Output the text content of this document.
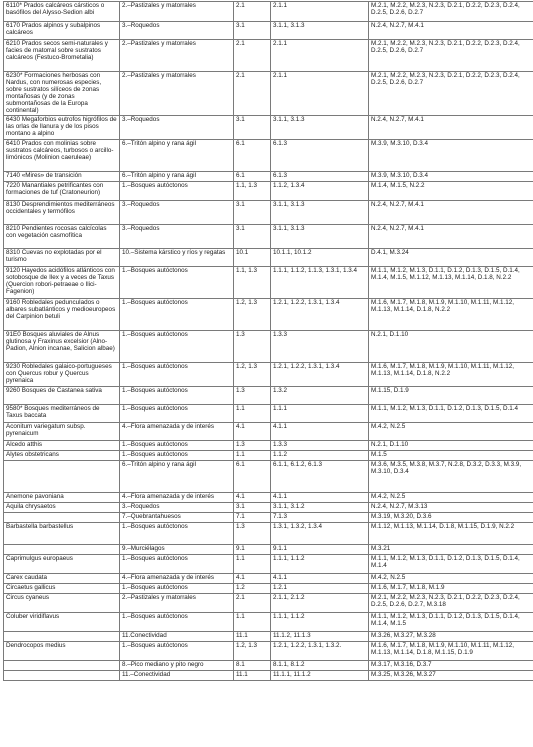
6110* Prados calcáreos cársticos o basófilos del Alysso-Sedion albi	2.–Pastizales y matorrales	2.1	2.1.1	M.2.1, M.2.2, M.2.3, N.2.3, D.2.1, D.2.2, D.2.3, D.2.4, D.2.5, D.2.6, D.2.7
6170 Prados alpinos y subalpinos calcáreos	3.–Roquedos	3.1	3.1.1, 3.1.3	N.2.4, N.2.7, M.4.1
6210 Prados secos semi-naturales y facies de matorral sobre sustratos calcáreos (Festuco-Brometalia)	2.–Pastizales y matorrales	2.1	2.1.1	M.2.1, M.2.2, M.2.3, N.2.3, D.2.1, D.2.2, D.2.3, D.2.4, D.2.5, D.2.6, D.2.7
6230* Formaciones herbosas con Nardus, con numerosas especies, sobre sustratos silíceos de zonas montañosas (y de zonas submontañosas de la Europa continental)	2.–Pastizales y matorrales	2.1	2.1.1	M.2.1, M.2.2, M.2.3, N.2.3, D.2.1, D.2.2, D.2.3, D.2.4, D.2.5, D.2.6, D.2.7
6430 Megaforbios eutrofos higrófilos de las orlas de llanura y de los pisos montano a alpino	3.–Roquedos	3.1	3.1.1, 3.1.3	N.2.4, N.2.7, M.4.1
6410 Prados con molinias sobre sustratos calcáreos, turbosos o arcillo-limónicos (Molinion caeruleae)	6.–Tritón alpino y rana ágil	6.1	6.1.3	M.3.9, M.3.10, D.3.4
7140 «Mires» de transición	6.–Tritón alpino y rana ágil	6.1	6.1.3	M.3.9, M.3.10, D.3.4
7220 Manantiales petrificantes con formaciones de tuf (Cratoneurion)	1.–Bosques autóctonos	1.1, 1.3	1.1.2, 1.3.4	M.1.4, M.1.5, N.2.2
8130 Desprendimientos mediterráneos occidentales y termófilos	3.–Roquedos	3.1	3.1.1, 3.1.3	N.2.4, N.2.7, M.4.1
8210 Pendientes rocosas calcícolas con vegetación casmofítica	3.–Roquedos	3.1	3.1.1, 3.1.3	N.2.4, N.2.7, M.4.1
8310 Cuevas no explotadas por el turismo	10.–Sistema kárstico y ríos y regatas	10.1	10.1.1, 10.1.2	D.4.1, M.3.24
9120 Hayedos acidófilos atlánticos con sotobosque de Ilex y a veces de Taxus (Quercion robori-petraeae o Ilici-Fagenion)	1.–Bosques autóctonos	1.1, 1.3	1.1.1, 1.1.2, 1.1.3, 1.3.1, 1.3.4	M.1.1, M.1.2, M.1.3, D.1.1, D.1.2, D.1.3, D.1.5, D.1.4, M.1.4, M.1.5, M.1.12, M.1.13, M.1.14, D.1.8, N.2.2
9160 Robledales pedunculados o albares subatlánticos y medioeuropeos del Carpinion betuli	1.–Bosques autóctonos	1.2, 1.3	1.2.1, 1.2.2, 1.3.1, 1.3.4	M.1.6, M.1.7, M.1.8, M.1.9, M.1.10, M.1.11, M.1.12, M.1.13, M.1.14, D.1.8, N.2.2
91E0 Bosques aluviales de Alnus glutinosa y Fraxinus excelsior (Alno-Padion, Alnion incanae, Salicion albae)	1.–Bosques autóctonos	1.3	1.3.3	N.2.1, D.1.10
9230 Robledales galaico-portugueses con Quercus robur y Quercus pyrenaica	1.–Bosques autóctonos	1.2, 1.3	1.2.1, 1.2.2, 1.3.1, 1.3.4	M.1.6, M.1.7, M.1.8, M.1.9, M.1.10, M.1.11, M.1.12, M.1.13, M.1.14, D.1.8, N.2.2
9260 Bosques de Castanea sativa	1.–Bosques autóctonos	1.3	1.3.2	M.1.15, D.1.9
9580* Bosques mediterráneos de Taxus baccata	1.–Bosques autóctonos	1.1	1.1.1	M.1.1, M.1.2, M.1.3, D.1.1, D.1.2, D.1.3, D.1.5, D.1.4
Aconitum variegatum subsp. pyrenaicum	4.–Flora amenazada y de interés	4.1	4.1.1	M.4.2, N.2.5
Alcedo atthis	1.–Bosques autóctonos	1.3	1.3.3	N.2.1, D.1.10
Alytes obstetricans	1.–Bosques autóctonos	1.1	1.1.2	M.1.5
	6.–Tritón alpino y rana ágil	6.1	6.1.1, 6.1.2, 6.1.3	M.3.6, M.3.5, M.3.8, M.3.7, N.2.8, D.3.2, D.3.3, M.3.9, M.3.10, D.3.4
Anemone pavoniana	4.–Flora amenazada y de interés	4.1	4.1.1	M.4.2, N.2.5
Aquila chrysaetos	3.–Roquedos	3.1	3.1.1, 3.1.2	N.2.4, N.2.7, M.3.13
	7.–Quebrantahuesos	7.1	7.1.3	M.3.19, M.3.20, D.3.6
Barbastella barbastellus	1.–Bosques autóctonos	1.3	1.3.1, 1.3.2, 1.3.4	M.1.12, M.1.13, M.1.14, D.1.8, M.1.15, D.1.9, N.2.2
	9.–Murciélagos	9.1	9.1.1	M.3.21
Caprimulgus europaeus	1.–Bosques autóctonos	1.1	1.1.1, 1.1.2	M.1.1, M.1.2, M.1.3, D.1.1, D.1.2, D.1.3, D.1.5, D.1.4, M.1.4
Carex caudata	4.–Flora amenazada y de interés	4.1	4.1.1	M.4.2, N.2.5
Circaetus gallicus	1.–Bosques autóctonos	1.2	1.2.1	M.1.6, M.1.7, M.1.8, M.1.9
Circus cyaneus	2.–Pastizales y matorrales	2.1	2.1.1, 2.1.2	M.2.1, M.2.2, M.2.3, N.2.3, D.2.1, D.2.2, D.2.3, D.2.4, D.2.5, D.2.6, D.2.7, M.3.18
Coluber viridiflavus	1.–Bosques autóctonos	1.1	1.1.1, 1.1.2	M.1.1, M.1.2, M.1.3, D.1.1, D.1.2, D.1.3, D.1.5, D.1.4, M.1.4, M.1.5
	11.Conectividad	11.1	11.1.2, 11.1.3	M.3.26, M.3.27, M.3.28
Dendrocopos medius	1.–Bosques autóctonos	1.2, 1.3	1.2.1, 1.2.2, 1.3.1, 1.3.2.	M.1.6, M.1.7, M.1.8, M.1.9, M.1.10, M.1.11, M.1.12, M.1.13, M.1.14, D.1.8, M.1.15, D.1.9
	8.–Pico mediano y pito negro	8.1	8.1.1, 8.1.2	M.3.17, M.3.16, D.3.7
	11.–Conectividad	11.1	11.1.1, 11.1.2	M.3.25, M.3.26, M.3.27
